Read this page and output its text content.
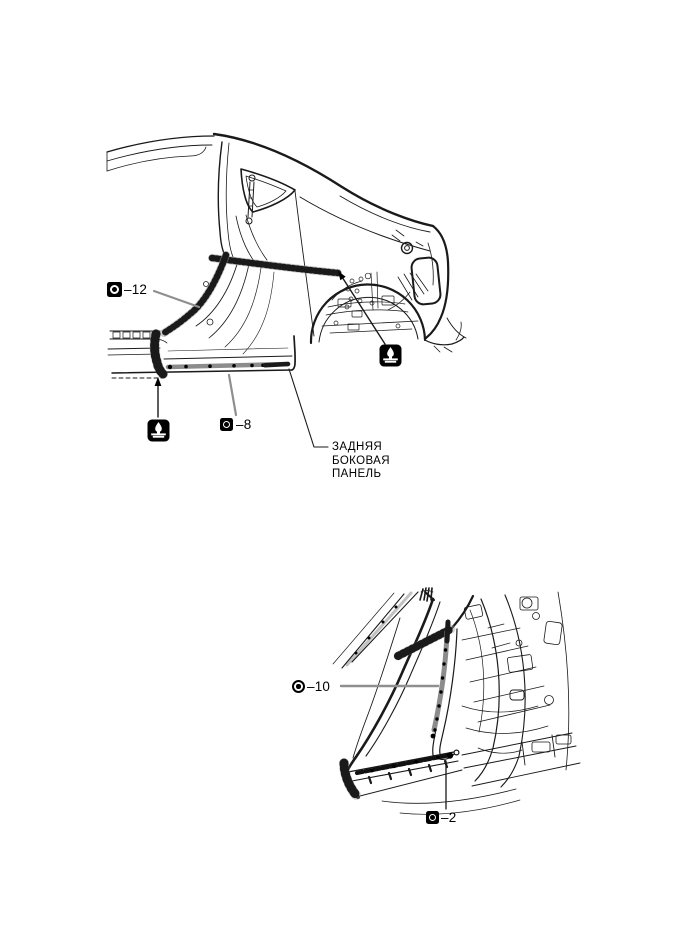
–12
–8
ЗАДНЯЯ
БОКОВАЯ
ПАНЕЛЬ
–10
–2
